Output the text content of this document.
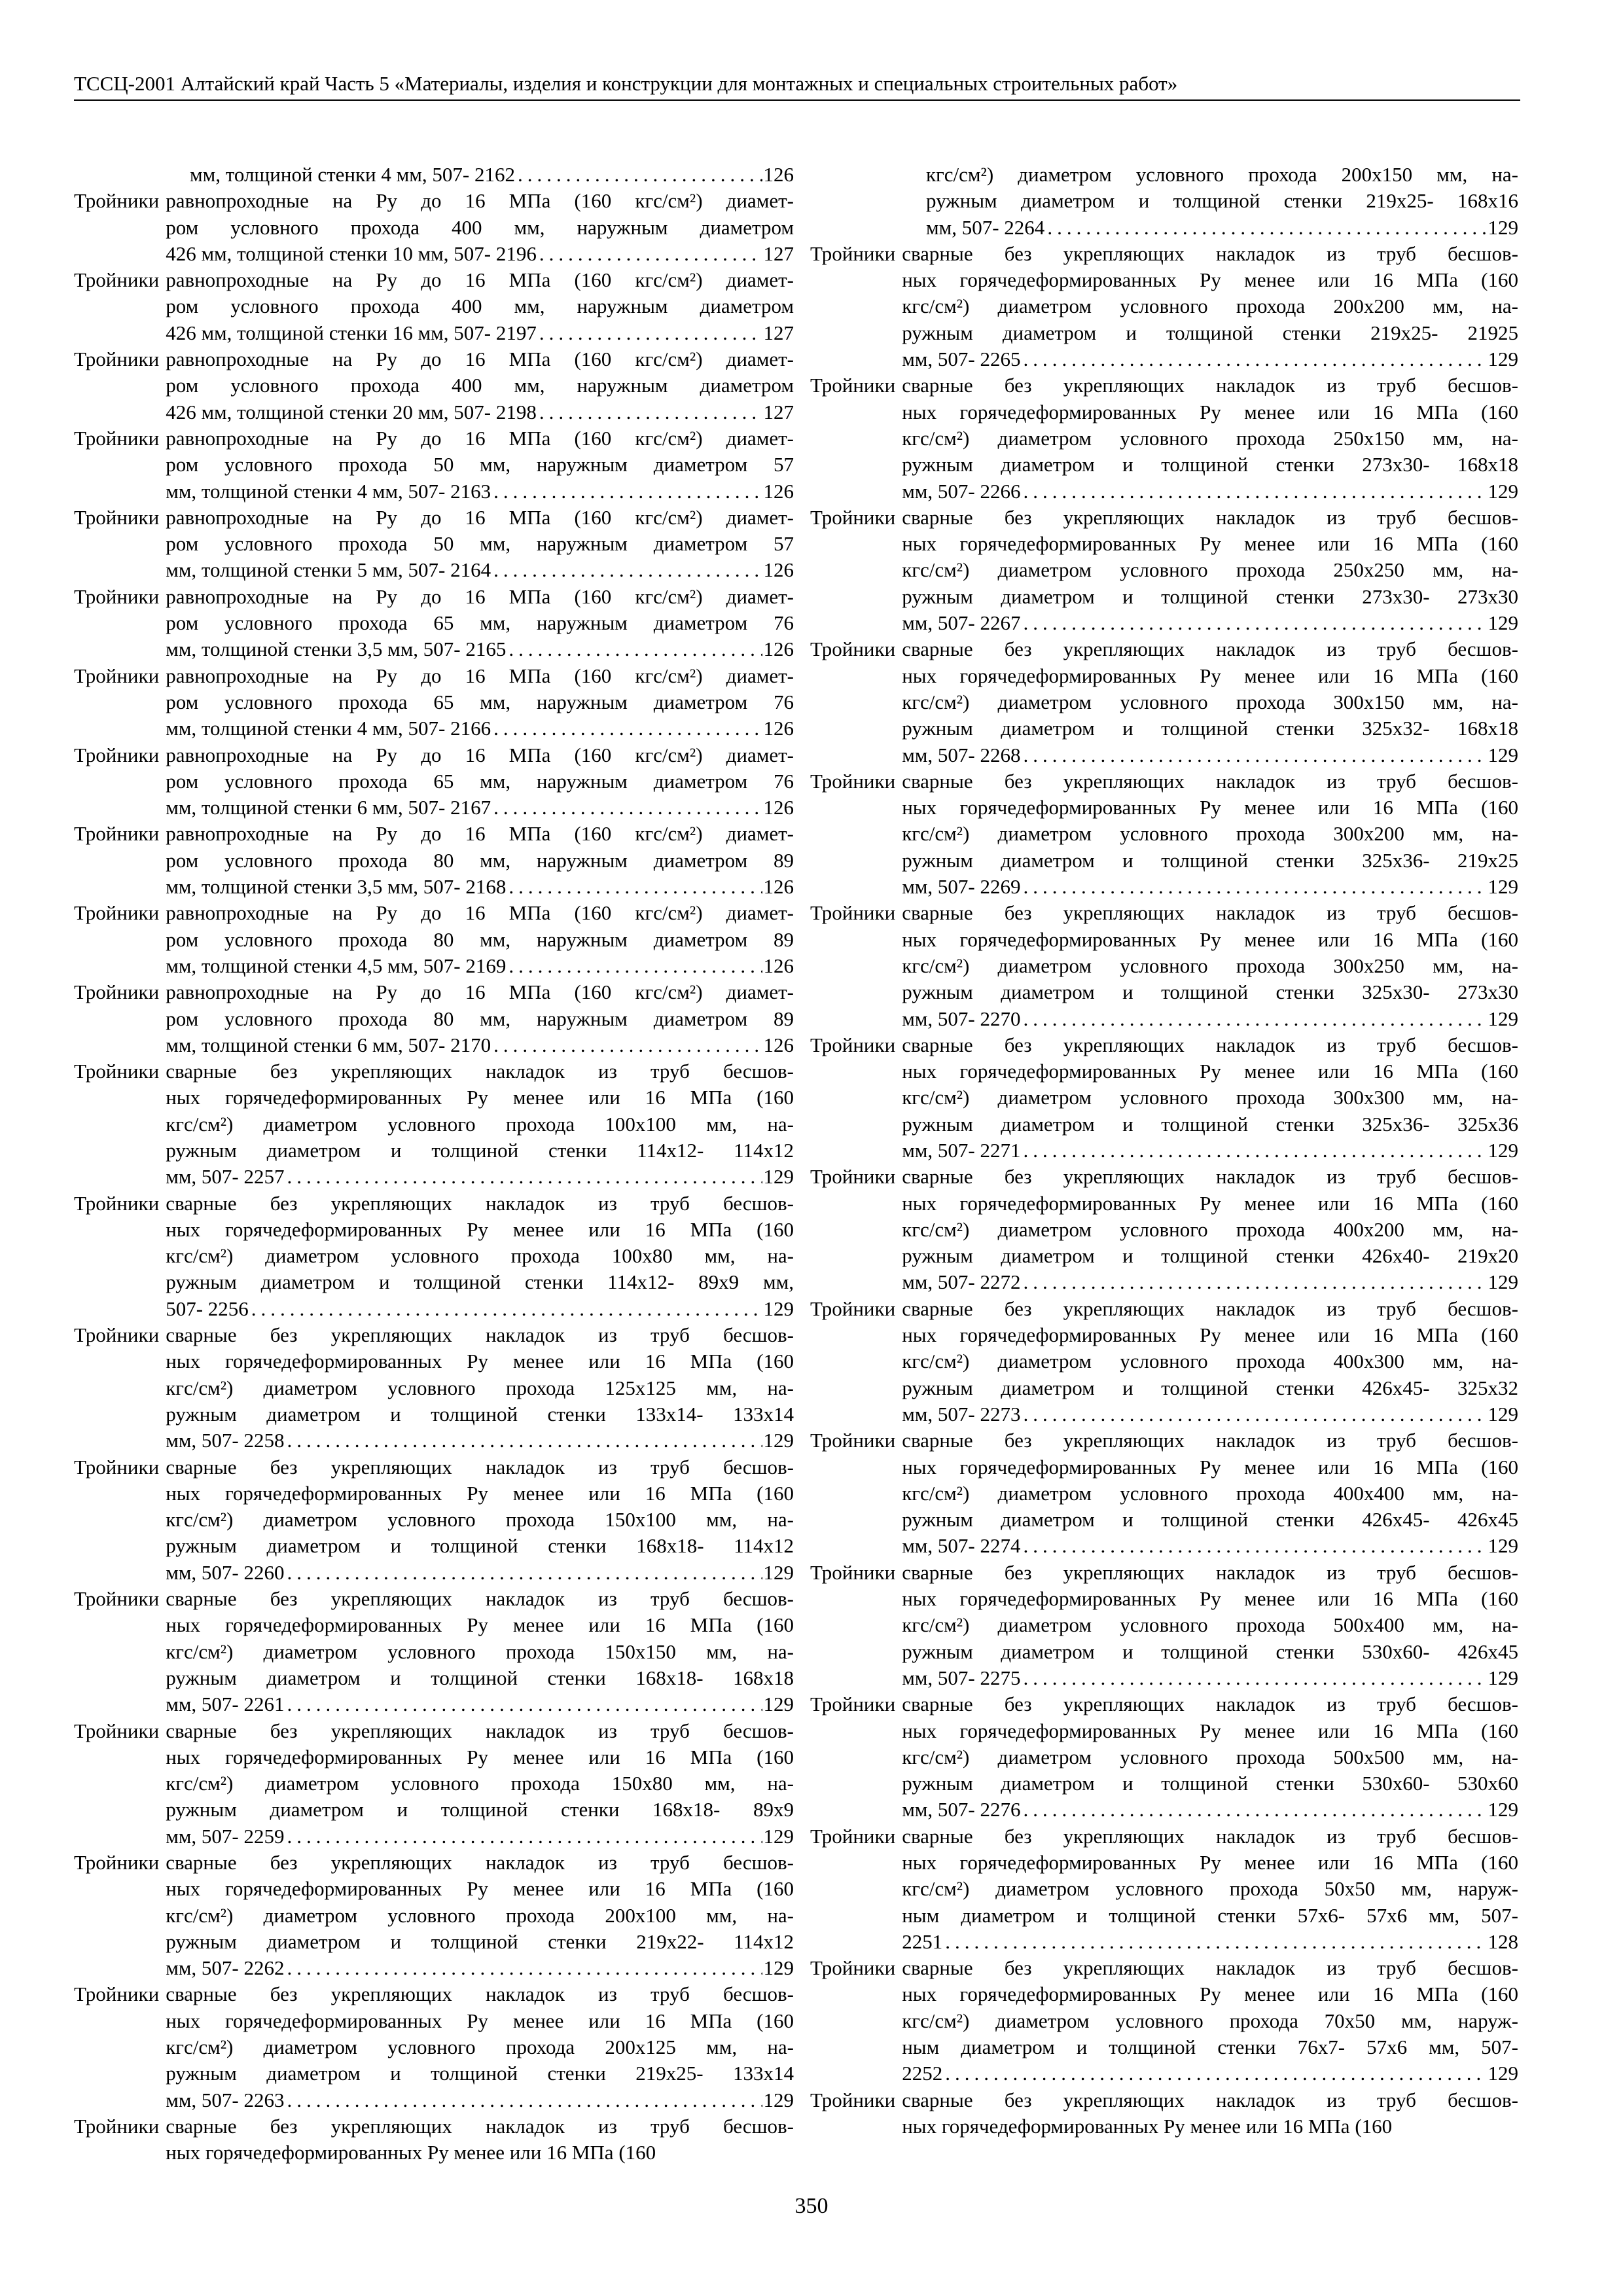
ТССЦ-2001 Алтайский край Часть 5 «Материалы, изделия и конструкции для монтажных и специальных строительных работ»
мм, толщиной стенки 4 мм, 507- 2162 .....	126
Тройники равнопроходные на Ру до 16 МПа (160 кгс/см²) диамет-
ром условного прохода 400 мм, наружным диаметром
426 мм, толщиной стенки 10 мм, 507- 2196 .....	127
Тройники равнопроходные на Ру до 16 МПа (160 кгс/см²) диамет-
ром условного прохода 400 мм, наружным диаметром
426 мм, толщиной стенки 16 мм, 507- 2197 .....	127
Тройники равнопроходные на Ру до 16 МПа (160 кгс/см²) диамет-
ром условного прохода 400 мм, наружным диаметром
426 мм, толщиной стенки 20 мм, 507- 2198 .....	127
Тройники равнопроходные на Ру до 16 МПа (160 кгс/см²) диамет-
ром условного прохода 50 мм, наружным диаметром 57
мм, толщиной стенки 4 мм, 507- 2163 .....	126
Тройники равнопроходные на Ру до 16 МПа (160 кгс/см²) диамет-
ром условного прохода 50 мм, наружным диаметром 57
мм, толщиной стенки 5 мм, 507- 2164 .....	126
Тройники равнопроходные на Ру до 16 МПа (160 кгс/см²) диамет-
ром условного прохода 65 мм, наружным диаметром 76
мм, толщиной стенки 3,5 мм, 507- 2165 .....	126
Тройники равнопроходные на Ру до 16 МПа (160 кгс/см²) диамет-
ром условного прохода 65 мм, наружным диаметром 76
мм, толщиной стенки 4 мм, 507- 2166 .....	126
Тройники равнопроходные на Ру до 16 МПа (160 кгс/см²) диамет-
ром условного прохода 65 мм, наружным диаметром 76
мм, толщиной стенки 6 мм, 507- 2167 .....	126
Тройники равнопроходные на Ру до 16 МПа (160 кгс/см²) диамет-
ром условного прохода 80 мм, наружным диаметром 89
мм, толщиной стенки 3,5 мм, 507- 2168 .....	126
Тройники равнопроходные на Ру до 16 МПа (160 кгс/см²) диамет-
ром условного прохода 80 мм, наружным диаметром 89
мм, толщиной стенки 4,5 мм, 507- 2169 .....	126
Тройники равнопроходные на Ру до 16 МПа (160 кгс/см²) диамет-
ром условного прохода 80 мм, наружным диаметром 89
мм, толщиной стенки 6 мм, 507- 2170 .....	126
Тройники сварные без укрепляющих накладок из труб бесшов-
ных горячедеформированных Ру менее или 16 МПа (160
кгс/см²) диаметром условного прохода 100х100 мм, на-
ружным диаметром и толщиной стенки 114х12- 114х12
мм, 507- 2257 .....	129
Тройники сварные без укрепляющих накладок из труб бесшов-
ных горячедеформированных Ру менее или 16 МПа (160
кгс/см²) диаметром условного прохода 100х80 мм, на-
ружным диаметром и толщиной стенки 114х12- 89х9 мм,
507- 2256 .....	129
Тройники сварные без укрепляющих накладок из труб бесшов-
ных горячедеформированных Ру менее или 16 МПа (160
кгс/см²) диаметром условного прохода 125х125 мм, на-
ружным диаметром и толщиной стенки 133х14- 133х14
мм, 507- 2258 .....	129
Тройники сварные без укрепляющих накладок из труб бесшов-
ных горячедеформированных Ру менее или 16 МПа (160
кгс/см²) диаметром условного прохода 150х100 мм, на-
ружным диаметром и толщиной стенки 168х18- 114х12
мм, 507- 2260 .....	129
Тройники сварные без укрепляющих накладок из труб бесшов-
ных горячедеформированных Ру менее или 16 МПа (160
кгс/см²) диаметром условного прохода 150х150 мм, на-
ружным диаметром и толщиной стенки 168х18- 168х18
мм, 507- 2261 .....	129
Тройники сварные без укрепляющих накладок из труб бесшов-
ных горячедеформированных Ру менее или 16 МПа (160
кгс/см²) диаметром условного прохода 150х80 мм, на-
ружным диаметром и толщиной стенки 168х18- 89х9
мм, 507- 2259 .....	129
Тройники сварные без укрепляющих накладок из труб бесшов-
ных горячедеформированных Ру менее или 16 МПа (160
кгс/см²) диаметром условного прохода 200х100 мм, на-
ружным диаметром и толщиной стенки 219х22- 114х12
мм, 507- 2262 .....	129
Тройники сварные без укрепляющих накладок из труб бесшов-
ных горячедеформированных Ру менее или 16 МПа (160
кгс/см²) диаметром условного прохода 200х125 мм, на-
ружным диаметром и толщиной стенки 219х25- 133х14
мм, 507- 2263 .....	129
Тройники сварные без укрепляющих накладок из труб бесшов-
ных горячедеформированных Ру менее или 16 МПа (160
кгс/см²) диаметром условного прохода 200х150 мм, на-
ружным диаметром и толщиной стенки 219х25- 168х16
мм, 507- 2264 .....	129
Тройники сварные без укрепляющих накладок из труб бесшов-
ных горячедеформированных Ру менее или 16 МПа (160
кгс/см²) диаметром условного прохода 200х200 мм, на-
ружным диаметром и толщиной стенки 219х25- 21925
мм, 507- 2265 .....	129
Тройники сварные без укрепляющих накладок из труб бесшов-
ных горячедеформированных Ру менее или 16 МПа (160
кгс/см²) диаметром условного прохода 250х150 мм, на-
ружным диаметром и толщиной стенки 273х30- 168х18
мм, 507- 2266 .....	129
Тройники сварные без укрепляющих накладок из труб бесшов-
ных горячедеформированных Ру менее или 16 МПа (160
кгс/см²) диаметром условного прохода 250х250 мм, на-
ружным диаметром и толщиной стенки 273х30- 273х30
мм, 507- 2267 .....	129
Тройники сварные без укрепляющих накладок из труб бесшов-
ных горячедеформированных Ру менее или 16 МПа (160
кгс/см²) диаметром условного прохода 300х150 мм, на-
ружным диаметром и толщиной стенки 325х32- 168х18
мм, 507- 2268 .....	129
Тройники сварные без укрепляющих накладок из труб бесшов-
ных горячедеформированных Ру менее или 16 МПа (160
кгс/см²) диаметром условного прохода 300х200 мм, на-
ружным диаметром и толщиной стенки 325х36- 219х25
мм, 507- 2269 .....	129
Тройники сварные без укрепляющих накладок из труб бесшов-
ных горячедеформированных Ру менее или 16 МПа (160
кгс/см²) диаметром условного прохода 300х250 мм, на-
ружным диаметром и толщиной стенки 325х30- 273х30
мм, 507- 2270 .....	129
Тройники сварные без укрепляющих накладок из труб бесшов-
ных горячедеформированных Ру менее или 16 МПа (160
кгс/см²) диаметром условного прохода 300х300 мм, на-
ружным диаметром и толщиной стенки 325х36- 325х36
мм, 507- 2271 .....	129
Тройники сварные без укрепляющих накладок из труб бесшов-
ных горячедеформированных Ру менее или 16 МПа (160
кгс/см²) диаметром условного прохода 400х200 мм, на-
ружным диаметром и толщиной стенки 426х40- 219х20
мм, 507- 2272 .....	129
Тройники сварные без укрепляющих накладок из труб бесшов-
ных горячедеформированных Ру менее или 16 МПа (160
кгс/см²) диаметром условного прохода 400х300 мм, на-
ружным диаметром и толщиной стенки 426х45- 325х32
мм, 507- 2273 .....	129
Тройники сварные без укрепляющих накладок из труб бесшов-
ных горячедеформированных Ру менее или 16 МПа (160
кгс/см²) диаметром условного прохода 400х400 мм, на-
ружным диаметром и толщиной стенки 426х45- 426х45
мм, 507- 2274 .....	129
Тройники сварные без укрепляющих накладок из труб бесшов-
ных горячедеформированных Ру менее или 16 МПа (160
кгс/см²) диаметром условного прохода 500х400 мм, на-
ружным диаметром и толщиной стенки 530х60- 426х45
мм, 507- 2275 .....	129
Тройники сварные без укрепляющих накладок из труб бесшов-
ных горячедеформированных Ру менее или 16 МПа (160
кгс/см²) диаметром условного прохода 500х500 мм, на-
ружным диаметром и толщиной стенки 530х60- 530х60
мм, 507- 2276 .....	129
Тройники сварные без укрепляющих накладок из труб бесшов-
ных горячедеформированных Ру менее или 16 МПа (160
кгс/см²) диаметром условного прохода 50х50 мм, наруж-
ным диаметром и толщиной стенки 57х6- 57х6 мм, 507-
2251 .....	128
Тройники сварные без укрепляющих накладок из труб бесшов-
ных горячедеформированных Ру менее или 16 МПа (160
кгс/см²) диаметром условного прохода 70х50 мм, наруж-
ным диаметром и толщиной стенки 76х7- 57х6 мм, 507-
2252 .....	129
Тройники сварные без укрепляющих накладок из труб бесшов-
ных горячедеформированных Ру менее или 16 МПа (160
350
